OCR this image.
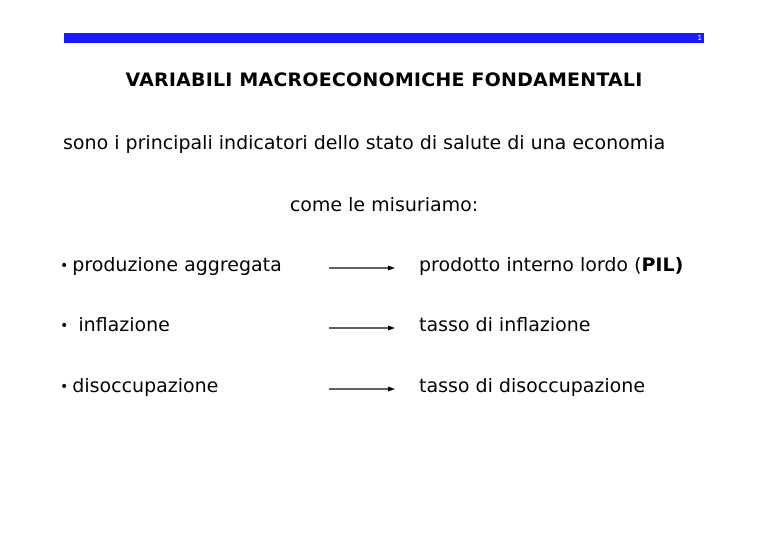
1
VARIABILI MACROECONOMICHE FONDAMENTALI
sono i principali indicatori dello stato di salute di una economia
come le misuriamo:
• produzione aggregata	prodotto interno lordo (PIL)
• inflazione	tasso di inflazione
• disoccupazione	tasso di disoccupazione
